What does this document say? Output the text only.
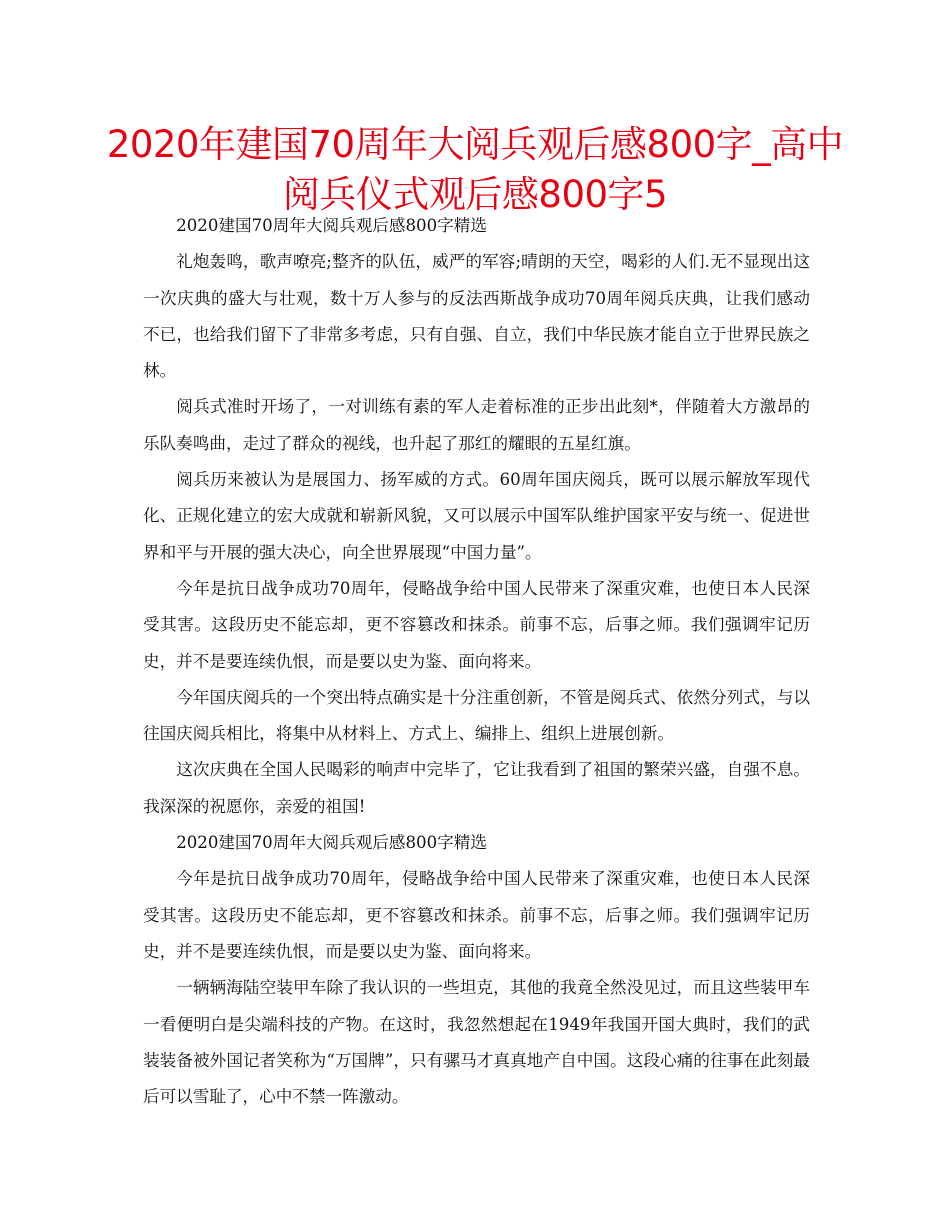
2020年建国70周年大阅兵观后感800字_高中阅兵仪式观后感800字5

2020建国70周年大阅兵观后感800字精选

礼炮轰鸣，歌声嘹亮;整齐的队伍，威严的军容;晴朗的天空，喝彩的人们.无不显现出这一次庆典的盛大与壮观，数十万人参与的反法西斯战争成功70周年阅兵庆典，让我们感动不已，也给我们留下了非常多考虑，只有自强、自立，我们中华民族才能自立于世界民族之林。

阅兵式准时开场了，一对训练有素的军人走着标准的正步出此刻*，伴随着大方激昂的乐队奏鸣曲，走过了群众的视线，也升起了那红的耀眼的五星红旗。

阅兵历来被认为是展国力、扬军威的方式。60周年国庆阅兵，既可以展示解放军现代化、正规化建立的宏大成就和崭新风貌，又可以展示中国军队维护国家平安与统一、促进世界和平与开展的强大决心，向全世界展现“中国力量”。

今年是抗日战争成功70周年，侵略战争给中国人民带来了深重灾难，也使日本人民深受其害。这段历史不能忘却，更不容篡改和抹杀。前事不忘，后事之师。我们强调牢记历史，并不是要连续仇恨，而是要以史为鉴、面向将来。

今年国庆阅兵的一个突出特点确实是十分注重创新，不管是阅兵式、依然分列式，与以往国庆阅兵相比，将集中从材料上、方式上、编排上、组织上进展创新。

这次庆典在全国人民喝彩的响声中完毕了，它让我看到了祖国的繁荣兴盛，自强不息。我深深的祝愿你，亲爱的祖国!

2020建国70周年大阅兵观后感800字精选

今年是抗日战争成功70周年，侵略战争给中国人民带来了深重灾难，也使日本人民深受其害。这段历史不能忘却，更不容篡改和抹杀。前事不忘，后事之师。我们强调牢记历史，并不是要连续仇恨，而是要以史为鉴、面向将来。

一辆辆海陆空装甲车除了我认识的一些坦克，其他的我竟全然没见过，而且这些装甲车一看便明白是尖端科技的产物。在这时，我忽然想起在1949年我国开国大典时，我们的武装装备被外国记者笑称为“万国牌”，只有骡马才真真地产自中国。这段心痛的往事在此刻最后可以雪耻了，心中不禁一阵激动。
